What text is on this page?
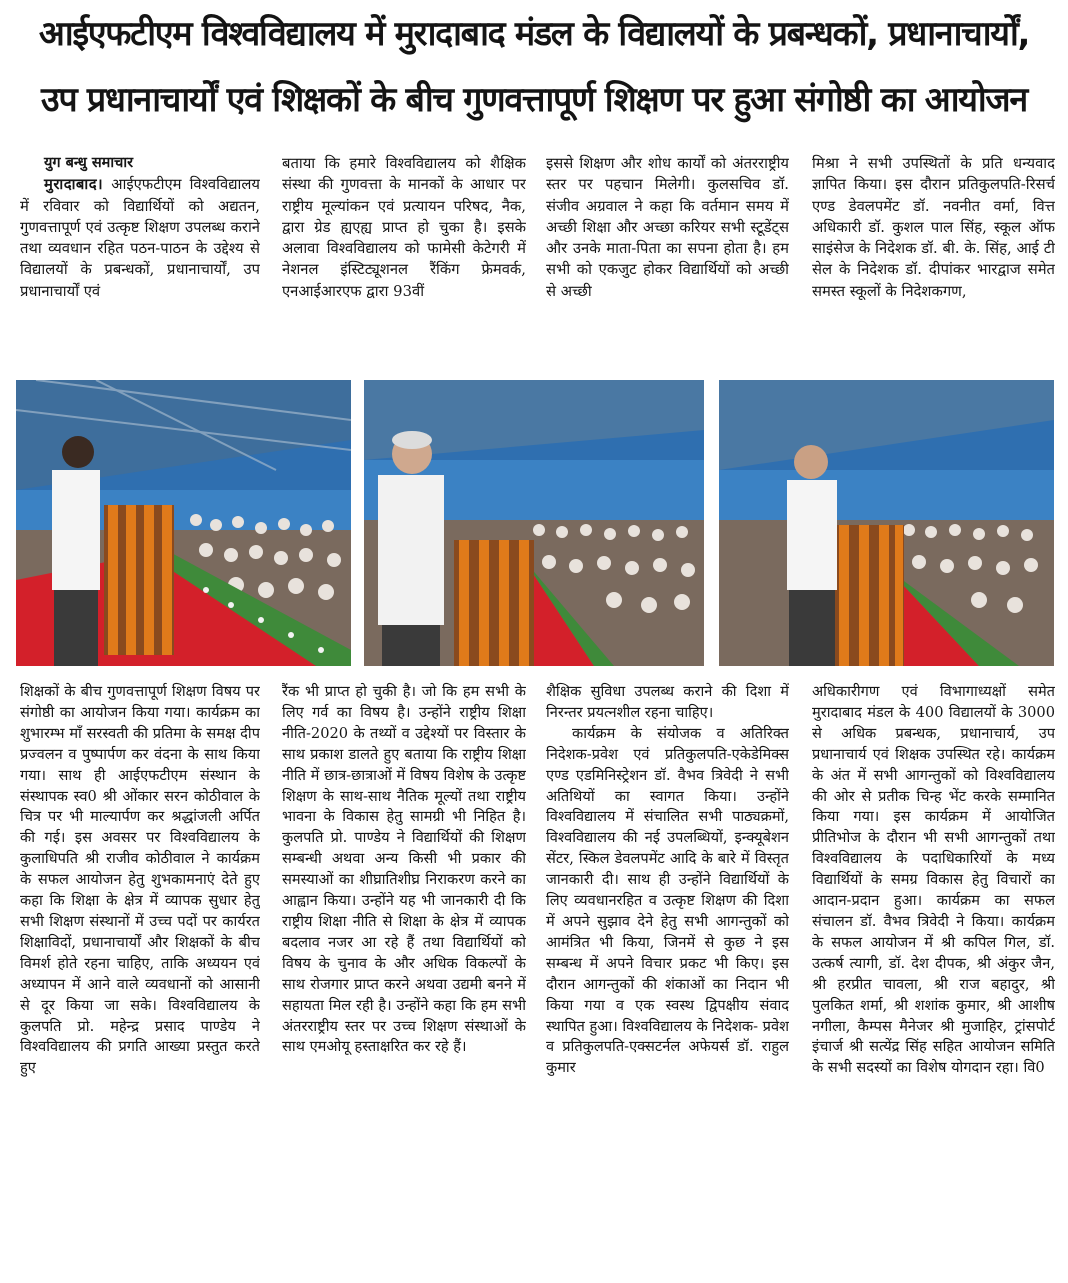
आईएफटीएम विश्वविद्यालय में मुरादाबाद मंडल के विद्यालयों के प्रबन्धकों, प्रधानाचार्यों,
उप प्रधानाचार्यों एवं शिक्षकों के बीच गुणवत्तापूर्ण शिक्षण पर हुआ संगोष्ठी का आयोजन
युग बन्धु समाचार

मुरादाबाद। आईएफटीएम विश्वविद्यालय में रविवार को विद्यार्थियों को अद्यतन, गुणवत्तापूर्ण एवं उत्कृष्ट शिक्षण उपलब्ध कराने तथा व्यवधान रहित पठन-पाठन के उद्देश्य से विद्यालयों के प्रबन्धकों, प्रधानाचार्यों, उप प्रधानाचार्यों एवं

बताया कि हमारे विश्वविद्यालय को शैक्षिक संस्था की गुणवत्ता के मानकों के आधार पर राष्ट्रीय मूल्यांकन एवं प्रत्यायन परिषद, नैक, द्वारा ग्रेड ह्यएह्य प्राप्त हो चुका है। इसके अलावा विश्वविद्यालय को फामेसी केटेगरी में नेशनल इंस्टिट्यूशनल रैंकिंग फ्रेमवर्क, एनआईआरएफ द्वारा 93वीं

इससे शिक्षण और शोध कार्यों को अंतरराष्ट्रीय स्तर पर पहचान मिलेगी। कुलसचिव डॉ. संजीव अग्रवाल ने कहा कि वर्तमान समय में अच्छी शिक्षा और अच्छा करियर सभी स्टूडेंट्स और उनके माता-पिता का सपना होता है। हम सभी को एकजुट होकर विद्यार्थियों को अच्छी से अच्छी

मिश्रा ने सभी उपस्थितों के प्रति धन्यवाद ज्ञापित किया। इस दौरान प्रतिकुलपति-रिसर्च एण्ड डेवलपमेंट डॉ. नवनीत वर्मा, वित्त अधिकारी डॉ. कुशल पाल सिंह, स्कूल ऑफ साइंसेज के निदेशक डॉ. बी. के. सिंह, आई टी सेल के निदेशक डॉ. दीपांकर भारद्वाज समेत समस्त स्कूलों के निदेशकगण,

शिक्षकों के बीच गुणवत्तापूर्ण शिक्षण विषय पर संगोष्ठी का आयोजन किया गया। कार्यक्रम का शुभारम्भ माँ सरस्वती की प्रतिमा के समक्ष दीप प्रज्वलन व पुष्पार्पण कर वंदना के साथ किया गया। साथ ही आईएफटीएम संस्थान के संस्थापक स्व0 श्री ओंकार सरन कोठीवाल के चित्र पर भी माल्यार्पण कर श्रद्धांजली अर्पित की गई। इस अवसर पर विश्वविद्यालय के कुलाधिपति श्री राजीव कोठीवाल ने कार्यक्रम के सफल आयोजन हेतु शुभकामनाएं देते हुए कहा कि शिक्षा के क्षेत्र में व्यापक सुधार हेतु सभी शिक्षण संस्थानों में उच्च पदों पर कार्यरत शिक्षाविदों, प्रधानाचार्यों और शिक्षकों के बीच विमर्श होते रहना चाहिए, ताकि अध्ययन एवं अध्यापन में आने वाले व्यवधानों को आसानी से दूर किया जा सके। विश्वविद्यालय के कुलपति प्रो. महेन्द्र प्रसाद पाण्डेय ने विश्वविद्यालय की प्रगति आख्या प्रस्तुत करते हुए

रैंक भी प्राप्त हो चुकी है। जो कि हम सभी के लिए गर्व का विषय है। उन्होंने राष्ट्रीय शिक्षा नीति-2020 के तथ्यों व उद्देश्यों पर विस्तार के साथ प्रकाश डालते हुए बताया कि राष्ट्रीय शिक्षा नीति में छात्र-छात्राओं में विषय विशेष के उत्कृष्ट शिक्षण के साथ-साथ नैतिक मूल्यों तथा राष्ट्रीय भावना के विकास हेतु सामग्री भी निहित है। कुलपति प्रो. पाण्डेय ने विद्यार्थियों की शिक्षण सम्बन्धी अथवा अन्य किसी भी प्रकार की समस्याओं का शीघ्रातिशीघ्र निराकरण करने का आह्वान किया। उन्होंने यह भी जानकारी दी कि राष्ट्रीय शिक्षा नीति से शिक्षा के क्षेत्र में व्यापक बदलाव नजर आ रहे हैं तथा विद्यार्थियों को विषय के चुनाव के और अधिक विकल्पों के साथ रोजगार प्राप्त करने अथवा उद्यमी बनने में सहायता मिल रही है। उन्होंने कहा कि हम सभी अंतरराष्ट्रीय स्तर पर उच्च शिक्षण संस्थाओं के साथ एमओयू हस्ताक्षरित कर रहे हैं।

शैक्षिक सुविधा उपलब्ध कराने की दिशा में निरन्तर प्रयत्नशील रहना चाहिए।

कार्यक्रम के संयोजक व अतिरिक्त निदेशक-प्रवेश एवं प्रतिकुलपति-एकेडेमिक्स एण्ड एडमिनिस्ट्रेशन डॉ. वैभव त्रिवेदी ने सभी अतिथियों का स्वागत किया। उन्होंने विश्वविद्यालय में संचालित सभी पाठ्यक्रमों, विश्वविद्यालय की नई उपलब्धियों, इन्क्यूबेशन सेंटर, स्किल डेवलपमेंट आदि के बारे में विस्तृत जानकारी दी। साथ ही उन्होंने विद्यार्थियों के लिए व्यवधानरहित व उत्कृष्ट शिक्षण की दिशा में अपने सुझाव देने हेतु सभी आगन्तुकों को आमंत्रित भी किया, जिनमें से कुछ ने इस सम्बन्ध में अपने विचार प्रकट भी किए। इस दौरान आगन्तुकों की शंकाओं का निदान भी किया गया व एक स्वस्थ द्विपक्षीय संवाद स्थापित हुआ। विश्वविद्यालय के निदेशक- प्रवेश व प्रतिकुलपति-एक्सटर्नल अफेयर्स डॉ. राहुल कुमार

अधिकारीगण एवं विभागाध्यक्षों समेत मुरादाबाद मंडल के 400 विद्यालयों के 3000 से अधिक प्रबन्धक, प्रधानाचार्य, उप प्रधानाचार्य एवं शिक्षक उपस्थित रहे। कार्यक्रम के अंत में सभी आगन्तुकों को विश्वविद्यालय की ओर से प्रतीक चिन्ह भेंट करके सम्मानित किया गया। इस कार्यक्रम में आयोजित प्रीतिभोज के दौरान भी सभी आगन्तुकों तथा विश्वविद्यालय के पदाधिकारियों के मध्य विद्यार्थियों के समग्र विकास हेतु विचारों का आदान-प्रदान हुआ। कार्यक्रम का सफल संचालन डॉ. वैभव त्रिवेदी ने किया। कार्यक्रम के सफल आयोजन में श्री कपिल गिल, डॉ. उत्कर्ष त्यागी, डॉ. देश दीपक, श्री अंकुर जैन, श्री हरप्रीत चावला, श्री राज बहादुर, श्री पुलकित शर्मा, श्री शशांक कुमार, श्री आशीष नगीला, कैम्पस मैनेजर श्री मुजाहिर, ट्रांसपोर्ट इंचार्ज श्री सत्येंद्र सिंह सहित आयोजन समिति के सभी सदस्यों का विशेष योगदान रहा। वि0
